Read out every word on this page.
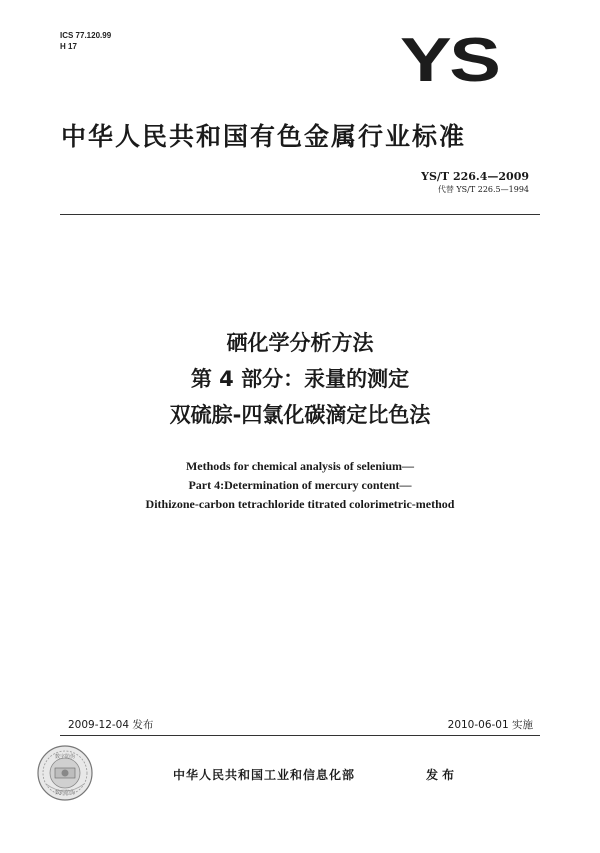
ICS 77.120.99
H 17	YS
中华人民共和国有色金属行业标准
YS/T 226.4—2009
代替 YS/T 226.5—1994
硒化学分析方法
第 4 部分：汞量的测定
双硫腙-四氯化碳滴定比色法
Methods for chemical analysis of selenium—
Part 4:Determination of mercury content—
Dithizone-carbon tetrachloride titrated colorimetric-method
2009-12-04 发布	2010-06-01 实施
数字防伪
数码防伪
中华人民共和国工业和信息化部	发布
